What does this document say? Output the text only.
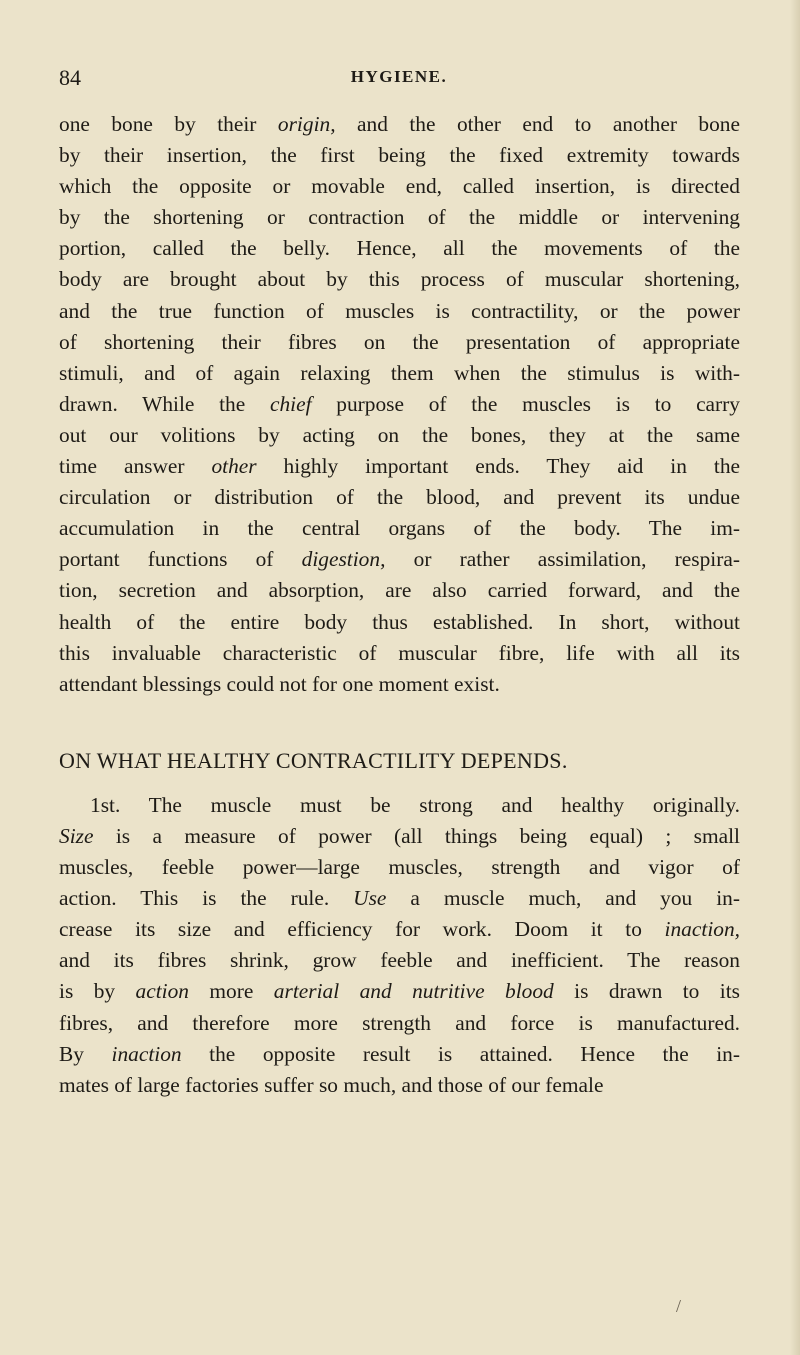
84	HYGIENE.

one bone by their origin, and the other end to another bone
by their insertion, the first being the fixed extremity towards
which the opposite or movable end, called insertion, is directed
by the shortening or contraction of the middle or intervening
portion, called the belly. Hence, all the movements of the
body are brought about by this process of muscular shortening,
and the true function of muscles is contractility, or the power
of shortening their fibres on the presentation of appropriate
stimuli, and of again relaxing them when the stimulus is with-
drawn. While the chief purpose of the muscles is to carry
out our volitions by acting on the bones, they at the same
time answer other highly important ends. They aid in the
circulation or distribution of the blood, and prevent its undue
accumulation in the central organs of the body. The im-
portant functions of digestion, or rather assimilation, respira-
tion, secretion and absorption, are also carried forward, and the
health of the entire body thus established. In short, without
this invaluable characteristic of muscular fibre, life with all its
attendant blessings could not for one moment exist.

ON WHAT HEALTHY CONTRACTILITY DEPENDS.

1st. The muscle must be strong and healthy originally.
Size is a measure of power (all things being equal) ; small
muscles, feeble power—large muscles, strength and vigor of
action. This is the rule. Use a muscle much, and you in-
crease its size and efficiency for work. Doom it to inaction,
and its fibres shrink, grow feeble and inefficient. The reason
is by action more arterial and nutritive blood is drawn to its
fibres, and therefore more strength and force is manufactured.
By inaction the opposite result is attained. Hence the in-
mates of large factories suffer so much, and those of our female

/
